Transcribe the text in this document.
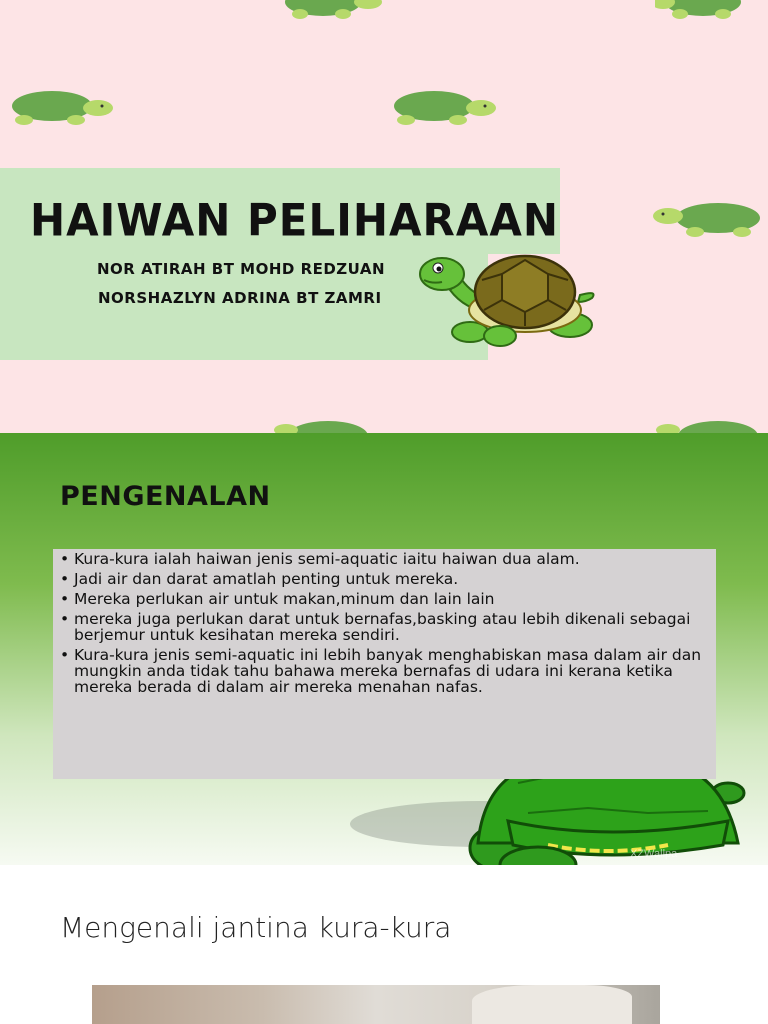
HAIWAN PELIHARAAN
NOR ATIRAH BT MOHD REDZUAN
NORSHAZLYN ADRINA BT ZAMRI
PENGENALAN
• Kura-kura ialah haiwan jenis semi-aquatic iaitu haiwan dua alam.
• Jadi air dan darat amatlah penting untuk mereka.
• Mereka perlukan air untuk makan,minum dan lain lain
• mereka juga perlukan darat untuk bernafas,basking atau lebih dikenali sebagai berjemur untuk kesihatan mereka sendiri.
• Kura-kura jenis semi-aquatic ini lebih banyak menghabiskan masa dalam air dan mungkin anda tidak tahu bahawa mereka bernafas di udara ini kerana ketika mereka berada di dalam air mereka menahan nafas.
XZWallpa
Mengenali jantina kura-kura
